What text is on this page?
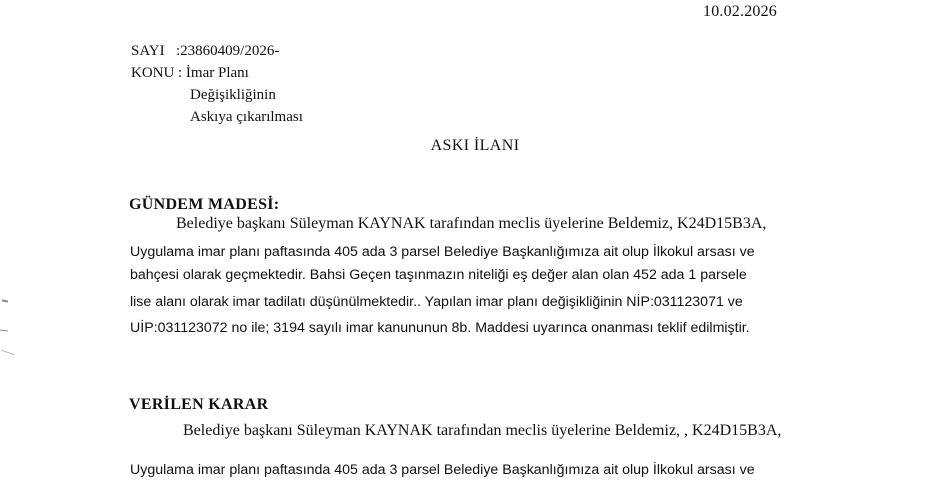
10.02.2026
SAYI :23860409/2026-
KONU : İmar Planı
Değişikliğinin
Askıya çıkarılması
ASKI İLANI
GÜNDEM MADESİ:
Belediye başkanı Süleyman KAYNAK tarafından meclis üyelerine Beldemiz, K24D15B3A,
Uygulama imar planı paftasında 405 ada 3 parsel Belediye Başkanlığımıza ait olup İlkokul arsası ve
bahçesi olarak geçmektedir. Bahsi Geçen taşınmazın niteliği eş değer alan olan 452 ada 1 parsele
lise alanı olarak imar tadilatı düşünülmektedir.. Yapılan imar planı değişikliğinin NİP:031123071 ve
UİP:031123072 no ile; 3194 sayılı imar kanununun 8b. Maddesi uyarınca onanması teklif edilmiştir.
VERİLEN KARAR
Belediye başkanı Süleyman KAYNAK tarafından meclis üyelerine Beldemiz, , K24D15B3A,
Uygulama imar planı paftasında 405 ada 3 parsel Belediye Başkanlığımıza ait olup İlkokul arsası ve
